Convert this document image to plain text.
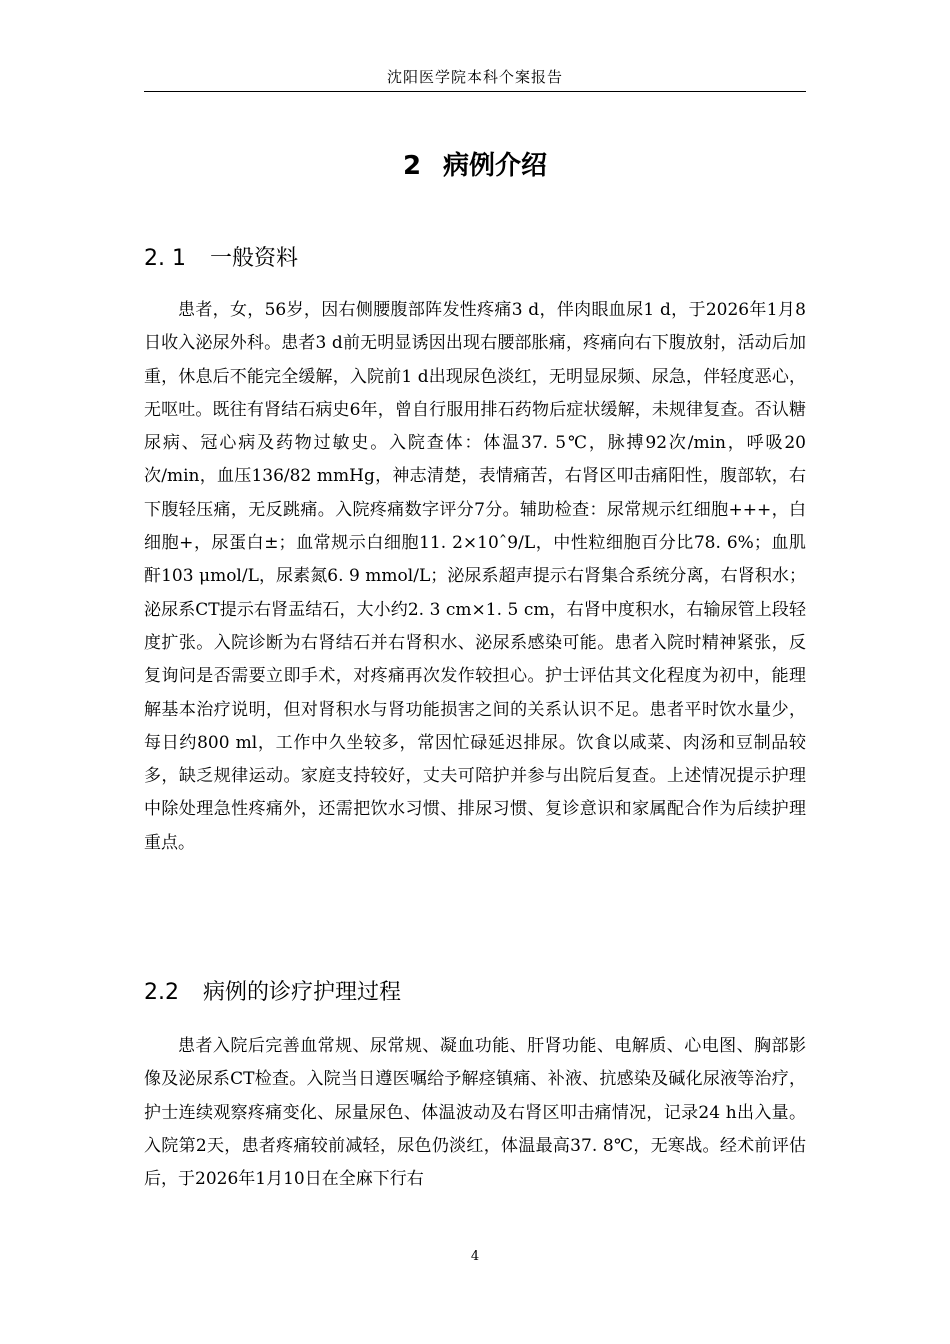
沈阳医学院本科个案报告
2 病例介绍
2. 1 一般资料

患者，女，56岁，因右侧腰腹部阵发性疼痛3 d，伴肉眼血尿1 d，于2026年1月8日收入泌尿外科。患者3 d前无明显诱因出现右腰部胀痛，疼痛向右下腹放射，活动后加重，休息后不能完全缓解，入院前1 d出现尿色淡红，无明显尿频、尿急，伴轻度恶心，无呕吐。既往有肾结石病史6年，曾自行服用排石药物后症状缓解，未规律复查。否认糖尿病、冠心病及药物过敏史。入院查体：体温37. 5℃，脉搏92次/min，呼吸20次/min，血压136/82 mmHg，神志清楚，表情痛苦，右肾区叩击痛阳性，腹部软，右下腹轻压痛，无反跳痛。入院疼痛数字评分7分。辅助检查：尿常规示红细胞+++，白细胞+，尿蛋白±；血常规示白细胞11. 2×10ˆ9/L，中性粒细胞百分比78. 6%；血肌酐103 μmol/L，尿素氮6. 9 mmol/L；泌尿系超声提示右肾集合系统分离，右肾积水；泌尿系CT提示右肾盂结石，大小约2. 3 cm×1. 5 cm，右肾中度积水，右输尿管上段轻度扩张。入院诊断为右肾结石并右肾积水、泌尿系感染可能。患者入院时精神紧张，反复询问是否需要立即手术，对疼痛再次发作较担心。护士评估其文化程度为初中，能理解基本治疗说明，但对肾积水与肾功能损害之间的关系认识不足。患者平时饮水量少，每日约800 ml，工作中久坐较多，常因忙碌延迟排尿。饮食以咸菜、肉汤和豆制品较多，缺乏规律运动。家庭支持较好，丈夫可陪护并参与出院后复查。上述情况提示护理中除处理急性疼痛外，还需把饮水习惯、排尿习惯、复诊意识和家属配合作为后续护理重点。

2.2 病例的诊疗护理过程

患者入院后完善血常规、尿常规、凝血功能、肝肾功能、电解质、心电图、胸部影像及泌尿系CT检查。入院当日遵医嘱给予解痉镇痛、补液、抗感染及碱化尿液等治疗，护士连续观察疼痛变化、尿量尿色、体温波动及右肾区叩击痛情况，记录24 h出入量。入院第2天，患者疼痛较前减轻，尿色仍淡红，体温最高37. 8℃，无寒战。经术前评估后，于2026年1月10日在全麻下行右

4
